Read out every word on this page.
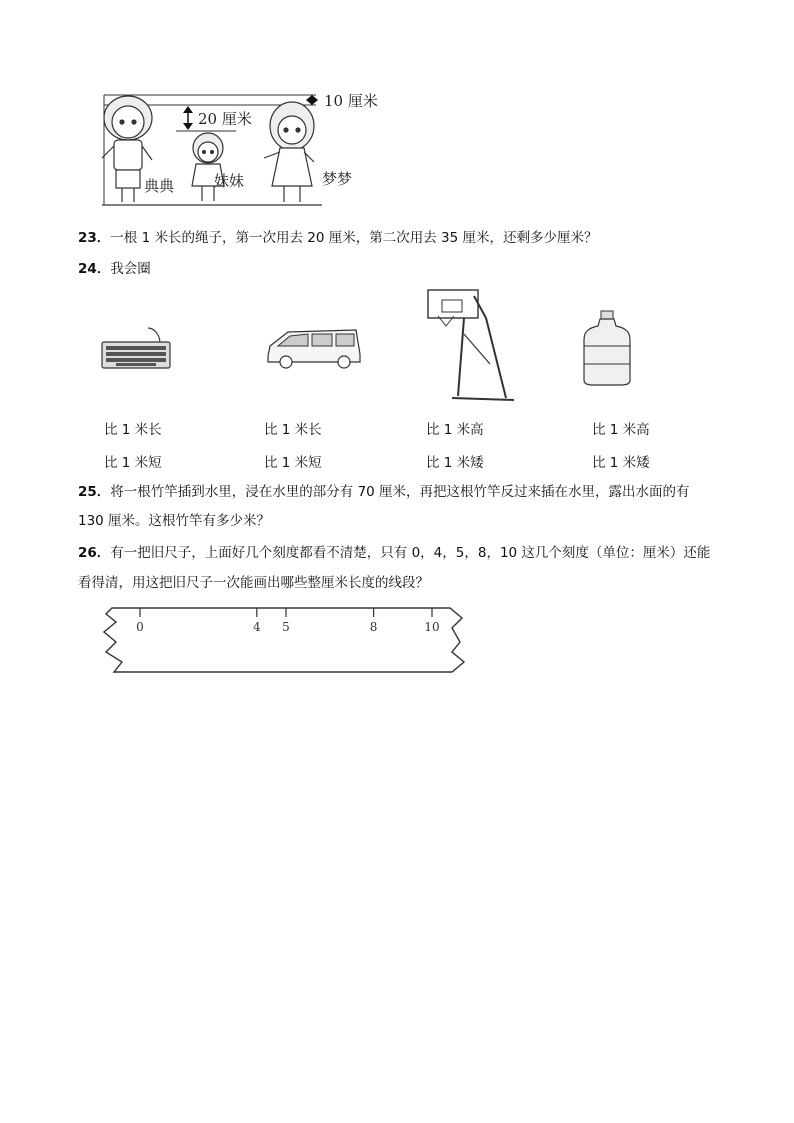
10 厘米
20 厘米
典典	妹妹	梦梦
23．一根 1 米长的绳子，第一次用去 20 厘米，第二次用去 35 厘米，还剩多少厘米？
24．我会圈
比 1 米长
比 1 米短
比 1 米长
比 1 米短
比 1 米高
比 1 米矮
比 1 米高
比 1 米矮
25．将一根竹竿插到水里，浸在水里的部分有 70 厘米，再把这根竹竿反过来插在水里，露出水面的有
130 厘米。这根竹竿有多少米？
26．有一把旧尺子，上面好几个刻度都看不清楚，只有 0，4，5，8，10 这几个刻度（单位：厘米）还能
看得清，用这把旧尺子一次能画出哪些整厘米长度的线段？
0	4 5	8	10
